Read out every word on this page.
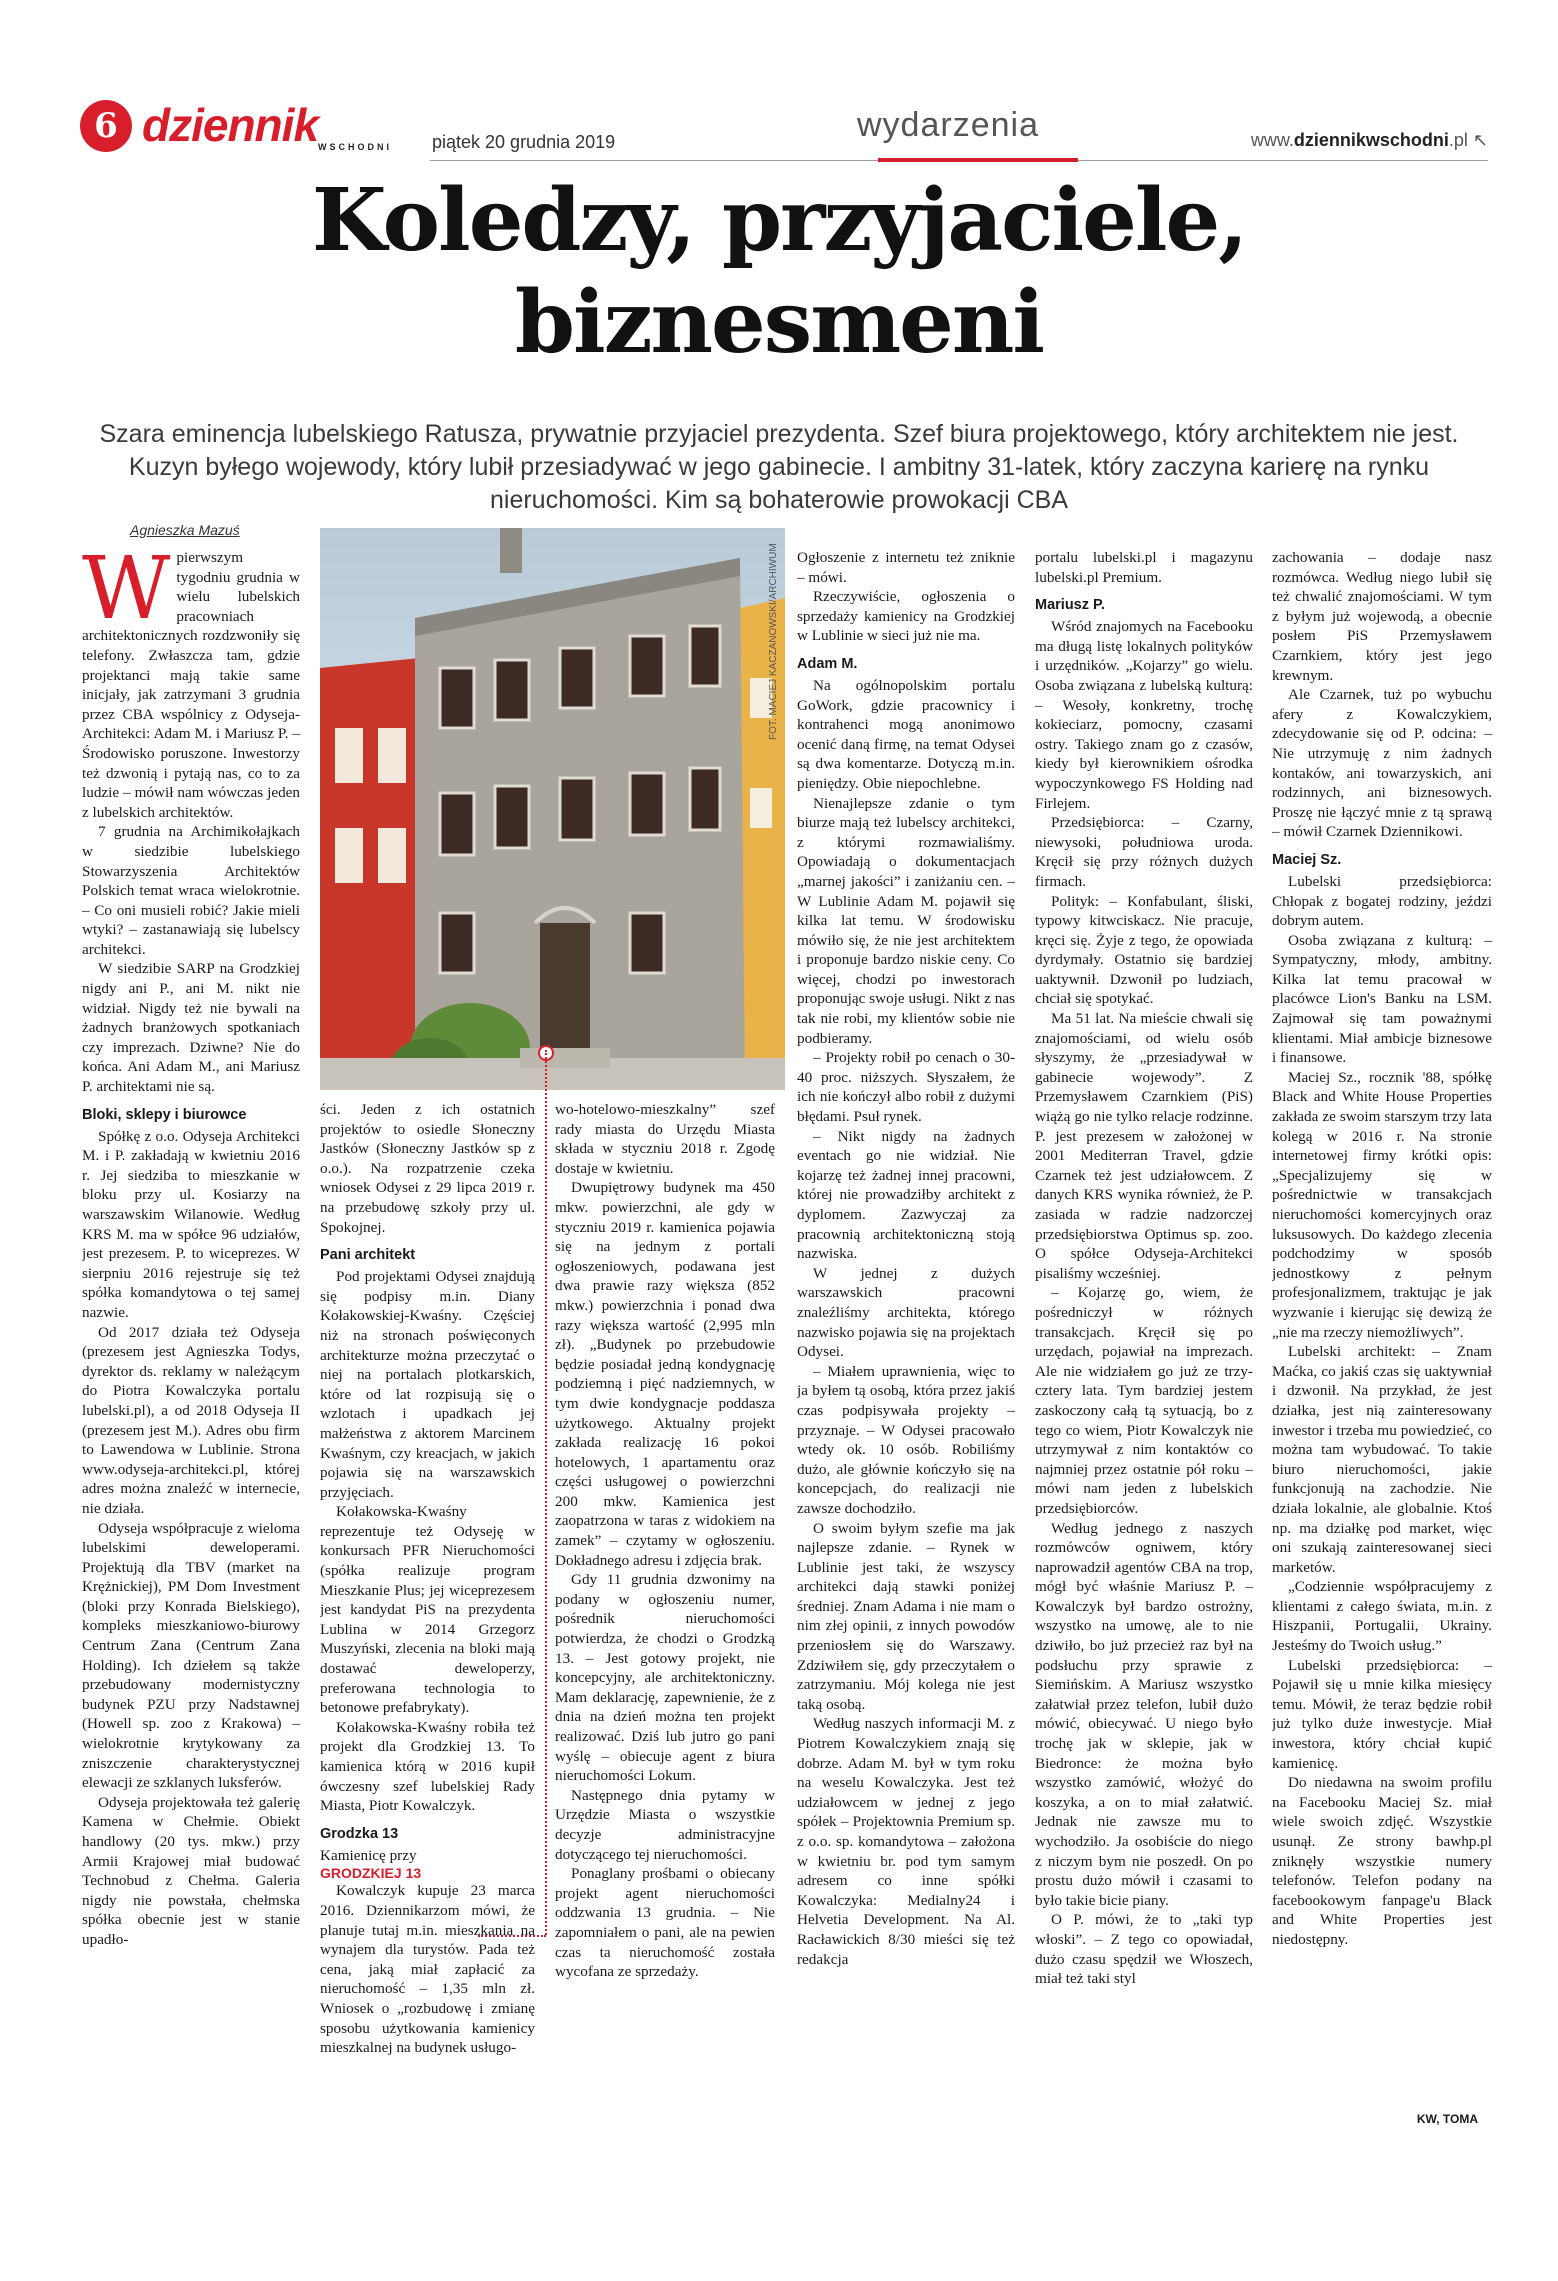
6 dziennik WSCHODNI piątek 20 grudnia 2019	wydarzenia	www.dziennikwschodni.pl ↖
Koledzy, przyjaciele,
biznesmeni

Szara eminencja lubelskiego Ratusza, prywatnie przyjaciel prezydenta. Szef biura projektowego, który architektem nie jest. Kuzyn byłego wojewody, który lubił przesiadywać w jego gabinecie. I ambitny 31-latek, który zaczyna karierę na rynku nieruchomości. Kim są bohaterowie prowokacji CBA

Agnieszka Mazuś

Wpierwszym tygodniu grudnia w wielu lubelskich pracowniach architektonicznych rozdzwoniły się telefony. Zwłaszcza tam, gdzie projektanci mają takie same inicjały, jak zatrzymani 3 grudnia przez CBA wspólnicy z Odyseja-Architekci: Adam M. i Mariusz P. – Środowisko poruszone. Inwestorzy też dzwonią i pytają nas, co to za ludzie – mówił nam wówczas jeden z lubelskich architektów.

7 grudnia na Archimikołajkach w siedzibie lubelskiego Stowarzyszenia Architektów Polskich temat wraca wielokrotnie. – Co oni musieli robić? Jakie mieli wtyki? – zastanawiają się lubelscy architekci.

W siedzibie SARP na Grodzkiej nigdy ani P., ani M. nikt nie widział. Nigdy też nie bywali na żadnych branżowych spotkaniach czy imprezach. Dziwne? Nie do końca. Ani Adam M., ani Mariusz P. architektami nie są.

Bloki, sklepy i biurowce

Spółkę z o.o. Odyseja Architekci M. i P. zakładają w kwietniu 2016 r. Jej siedziba to mieszkanie w bloku przy ul. Kosiarzy na warszawskim Wilanowie. Według KRS M. ma w spółce 96 udziałów, jest prezesem. P. to wiceprezes. W sierpniu 2016 rejestruje się też spółka komandytowa o tej samej nazwie.

Od 2017 działa też Odyseja (prezesem jest Agnieszka Todys, dyrektor ds. reklamy w należącym do Piotra Kowalczyka portalu lubelski.pl), a od 2018 Odyseja II (prezesem jest M.). Adres obu firm to Lawendowa w Lublinie. Strona www.odyseja-architekci.pl, której adres można znaleźć w internecie, nie działa.

Odyseja współpracuje z wieloma lubelskimi deweloperami. Projektują dla TBV (market na Krężnickiej), PM Dom Investment (bloki przy Konrada Bielskiego), kompleks mieszkaniowo-biurowy Centrum Zana (Centrum Zana Holding). Ich dziełem są także przebudowany modernistyczny budynek PZU przy Nadstawnej (Howell sp. zoo z Krakowa) – wielokrotnie krytykowany za zniszczenie charakterystycznej elewacji ze szklanych luksferów.

Odyseja projektowała też galerię Kamena w Chełmie. Obiekt handlowy (20 tys. mkw.) przy Armii Krajowej miał budować Technobud z Chełma. Galeria nigdy nie powstała, chełmska spółka obecnie jest w stanie upadło-

FOT. MACIEJ KACZANOWSKI/ARCHIWUM

ści. Jeden z ich ostatnich projektów to osiedle Słoneczny Jastków (Słoneczny Jastków sp z o.o.). Na rozpatrzenie czeka wniosek Odysei z 29 lipca 2019 r. na przebudowę szkoły przy ul. Spokojnej.

Pani architekt

Pod projektami Odysei znajdują się podpisy m.in. Diany Kołakowskiej-Kwaśny. Częściej niż na stronach poświęconych architekturze można przeczytać o niej na portalach plotkarskich, które od lat rozpisują się o wzlotach i upadkach jej małżeństwa z aktorem Marcinem Kwaśnym, czy kreacjach, w jakich pojawia się na warszawskich przyjęciach.

Kołakowska-Kwaśny reprezentuje też Odyseję w konkursach PFR Nieruchomości (spółka realizuje program Mieszkanie Plus; jej wiceprezesem jest kandydat PiS na prezydenta Lublina w 2014 Grzegorz Muszyński, zlecenia na bloki mają dostawać deweloperzy, preferowana technologia to betonowe prefabrykaty).

Kołakowska-Kwaśny robiła też projekt dla Grodzkiej 13. To kamienica którą w 2016 kupił ówczesny szef lubelskiej Rady Miasta, Piotr Kowalczyk.

Grodzka 13

Kamienicę przy

GRODZKIEJ 13

Kowalczyk kupuje 23 marca 2016. Dziennikarzom mówi, że planuje tutaj m.in. mieszkania na wynajem dla turystów. Pada też cena, jaką miał zapłacić za nieruchomość – 1,35 mln zł. Wniosek o „rozbudowę i zmianę sposobu użytkowania kamienicy mieszkalnej na budynek usługo-

wo-hotelowo-mieszkalny” szef rady miasta do Urzędu Miasta składa w styczniu 2018 r. Zgodę dostaje w kwietniu.

Dwupiętrowy budynek ma 450 mkw. powierzchni, ale gdy w styczniu 2019 r. kamienica pojawia się na jednym z portali ogłoszeniowych, podawana jest dwa prawie razy większa (852 mkw.) powierzchnia i ponad dwa razy większa wartość (2,995 mln zł). „Budynek po przebudowie będzie posiadał jedną kondygnację podziemną i pięć nadziemnych, w tym dwie kondygnacje poddasza użytkowego. Aktualny projekt zakłada realizację 16 pokoi hotelowych, 1 apartamentu oraz części usługowej o powierzchni 200 mkw. Kamienica jest zaopatrzona w taras z widokiem na zamek” – czytamy w ogłoszeniu. Dokładnego adresu i zdjęcia brak.

Gdy 11 grudnia dzwonimy na podany w ogłoszeniu numer, pośrednik nieruchomości potwierdza, że chodzi o Grodzką 13. – Jest gotowy projekt, nie koncepcyjny, ale architektoniczny. Mam deklarację, zapewnienie, że z dnia na dzień można ten projekt realizować. Dziś lub jutro go pani wyślę – obiecuje agent z biura nieruchomości Lokum.

Następnego dnia pytamy w Urzędzie Miasta o wszystkie decyzje administracyjne dotyczącego tej nieruchomości.

Ponaglany prośbami o obiecany projekt agent nieruchomości oddzwania 13 grudnia. – Nie zapomniałem o pani, ale na pewien czas ta nieruchomość została wycofana ze sprzedaży.

Ogłoszenie z internetu też zniknie – mówi.

Rzeczywiście, ogłoszenia o sprzedaży kamienicy na Grodzkiej w Lublinie w sieci już nie ma.

Adam M.

Na ogólnopolskim portalu GoWork, gdzie pracownicy i kontrahenci mogą anonimowo ocenić daną firmę, na temat Odysei są dwa komentarze. Dotyczą m.in. pieniędzy. Obie niepochlebne.

Nienajlepsze zdanie o tym biurze mają też lubelscy architekci, z którymi rozmawialiśmy. Opowiadają o dokumentacjach „marnej jakości” i zaniżaniu cen. – W Lublinie Adam M. pojawił się kilka lat temu. W środowisku mówiło się, że nie jest architektem i proponuje bardzo niskie ceny. Co więcej, chodzi po inwestorach proponując swoje usługi. Nikt z nas tak nie robi, my klientów sobie nie podbieramy.

– Projekty robił po cenach o 30-40 proc. niższych. Słyszałem, że ich nie kończył albo robił z dużymi błędami. Psuł rynek.

– Nikt nigdy na żadnych eventach go nie widział. Nie kojarzę też żadnej innej pracowni, której nie prowadziłby architekt z dyplomem. Zazwyczaj za pracownią architektoniczną stoją nazwiska.

W jednej z dużych warszawskich pracowni znaleźliśmy architekta, którego nazwisko pojawia się na projektach Odysei.

– Miałem uprawnienia, więc to ja byłem tą osobą, która przez jakiś czas podpisywała projekty – przyznaje. – W Odysei pracowało wtedy ok. 10 osób. Robiliśmy dużo, ale głównie kończyło się na koncepcjach, do realizacji nie zawsze dochodziło.

O swoim byłym szefie ma jak najlepsze zdanie. – Rynek w Lublinie jest taki, że wszyscy architekci dają stawki poniżej średniej. Znam Adama i nie mam o nim złej opinii, z innych powodów przeniosłem się do Warszawy. Zdziwiłem się, gdy przeczytałem o zatrzymaniu. Mój kolega nie jest taką osobą.

Według naszych informacji M. z Piotrem Kowalczykiem znają się dobrze. Adam M. był w tym roku na weselu Kowalczyka. Jest też udziałowcem w jednej z jego spółek – Projektownia Premium sp. z o.o. sp. komandytowa – założona w kwietniu br. pod tym samym adresem co inne spółki Kowalczyka: Medialny24 i Helvetia Development. Na Al. Racławickich 8/30 mieści się też redakcja

portalu lubelski.pl i magazynu lubelski.pl Premium.

Mariusz P.

Wśród znajomych na Facebooku ma długą listę lokalnych polityków i urzędników. „Kojarzy” go wielu. Osoba związana z lubelską kulturą: – Wesoły, konkretny, trochę kokieciarz, pomocny, czasami ostry. Takiego znam go z czasów, kiedy był kierownikiem ośrodka wypoczynkowego FS Holding nad Firlejem.

Przedsiębiorca: – Czarny, niewysoki, południowa uroda. Kręcił się przy różnych dużych firmach.

Polityk: – Konfabulant, śliski, typowy kitwciskacz. Nie pracuje, kręci się. Żyje z tego, że opowiada dyrdymały. Ostatnio się bardziej uaktywnił. Dzwonił po ludziach, chciał się spotykać.

Ma 51 lat. Na mieście chwali się znajomościami, od wielu osób słyszymy, że „przesiadywał w gabinecie wojewody”. Z Przemysławem Czarnkiem (PiS) wiążą go nie tylko relacje rodzinne. P. jest prezesem w założonej w 2001 Mediterran Travel, gdzie Czarnek też jest udziałowcem. Z danych KRS wynika również, że P. zasiada w radzie nadzorczej przedsiębiorstwa Optimus sp. zoo. O spółce Odyseja-Architekci pisaliśmy wcześniej.

– Kojarzę go, wiem, że pośredniczył w różnych transakcjach. Kręcił się po urzędach, pojawiał na imprezach. Ale nie widziałem go już ze trzy-cztery lata. Tym bardziej jestem zaskoczony całą tą sytuacją, bo z tego co wiem, Piotr Kowalczyk nie utrzymywał z nim kontaktów co najmniej przez ostatnie pół roku – mówi nam jeden z lubelskich przedsiębiorców.

Według jednego z naszych rozmówców ogniwem, który naprowadził agentów CBA na trop, mógł być właśnie Mariusz P. – Kowalczyk był bardzo ostrożny, wszystko na umowę, ale to nie dziwiło, bo już przecież raz był na podsłuchu przy sprawie z Siemińskim. A Mariusz wszystko załatwiał przez telefon, lubił dużo mówić, obiecywać. U niego było trochę jak w sklepie, jak w Biedronce: że można było wszystko zamówić, włożyć do koszyka, a on to miał załatwić. Jednak nie zawsze mu to wychodziło. Ja osobiście do niego z niczym bym nie poszedł. On po prostu dużo mówił i czasami to było takie bicie piany.

O P. mówi, że to „taki typ włoski”. – Z tego co opowiadał, dużo czasu spędził we Włoszech, miał też taki styl

zachowania – dodaje nasz rozmówca. Według niego lubił się też chwalić znajomościami. W tym z byłym już wojewodą, a obecnie posłem PiS Przemysławem Czarnkiem, który jest jego krewnym.

Ale Czarnek, tuż po wybuchu afery z Kowalczykiem, zdecydowanie się od P. odcina: – Nie utrzymuję z nim żadnych kontaków, ani towarzyskich, ani rodzinnych, ani biznesowych. Proszę nie łączyć mnie z tą sprawą – mówił Czarnek Dziennikowi.

Maciej Sz.

Lubelski przedsiębiorca: Chłopak z bogatej rodziny, jeździ dobrym autem.

Osoba związana z kulturą: – Sympatyczny, młody, ambitny. Kilka lat temu pracował w placówce Lion's Banku na LSM. Zajmował się tam poważnymi klientami. Miał ambicje biznesowe i finansowe.

Maciej Sz., rocznik '88, spółkę Black and White House Properties zakłada ze swoim starszym trzy lata kolegą w 2016 r. Na stronie internetowej firmy krótki opis: „Specjalizujemy się w pośrednictwie w transakcjach nieruchomości komercyjnych oraz luksusowych. Do każdego zlecenia podchodzimy w sposób jednostkowy z pełnym profesjonalizmem, traktując je jak wyzwanie i kierując się dewizą że „nie ma rzeczy niemożliwych”.

Lubelski architekt: – Znam Maćka, co jakiś czas się uaktywniał i dzwonił. Na przykład, że jest działka, jest nią zainteresowany inwestor i trzeba mu powiedzieć, co można tam wybudować. To takie biuro nieruchomości, jakie funkcjonują na zachodzie. Nie działa lokalnie, ale globalnie. Ktoś np. ma działkę pod market, więc oni szukają zainteresowanej sieci marketów.

„Codziennie współpracujemy z klientami z całego świata, m.in. z Hiszpanii, Portugalii, Ukrainy. Jesteśmy do Twoich usług.”

Lubelski przedsiębiorca: – Pojawił się u mnie kilka miesięcy temu. Mówił, że teraz będzie robił już tylko duże inwestycje. Miał inwestora, który chciał kupić kamienicę.

Do niedawna na swoim profilu na Facebooku Maciej Sz. miał wiele swoich zdjęć. Wszystkie usunął. Ze strony bawhp.pl zniknęły wszystkie numery telefonów. Telefon podany na facebookowym fanpage'u Black and White Properties jest niedostępny.

KW, TOMA
